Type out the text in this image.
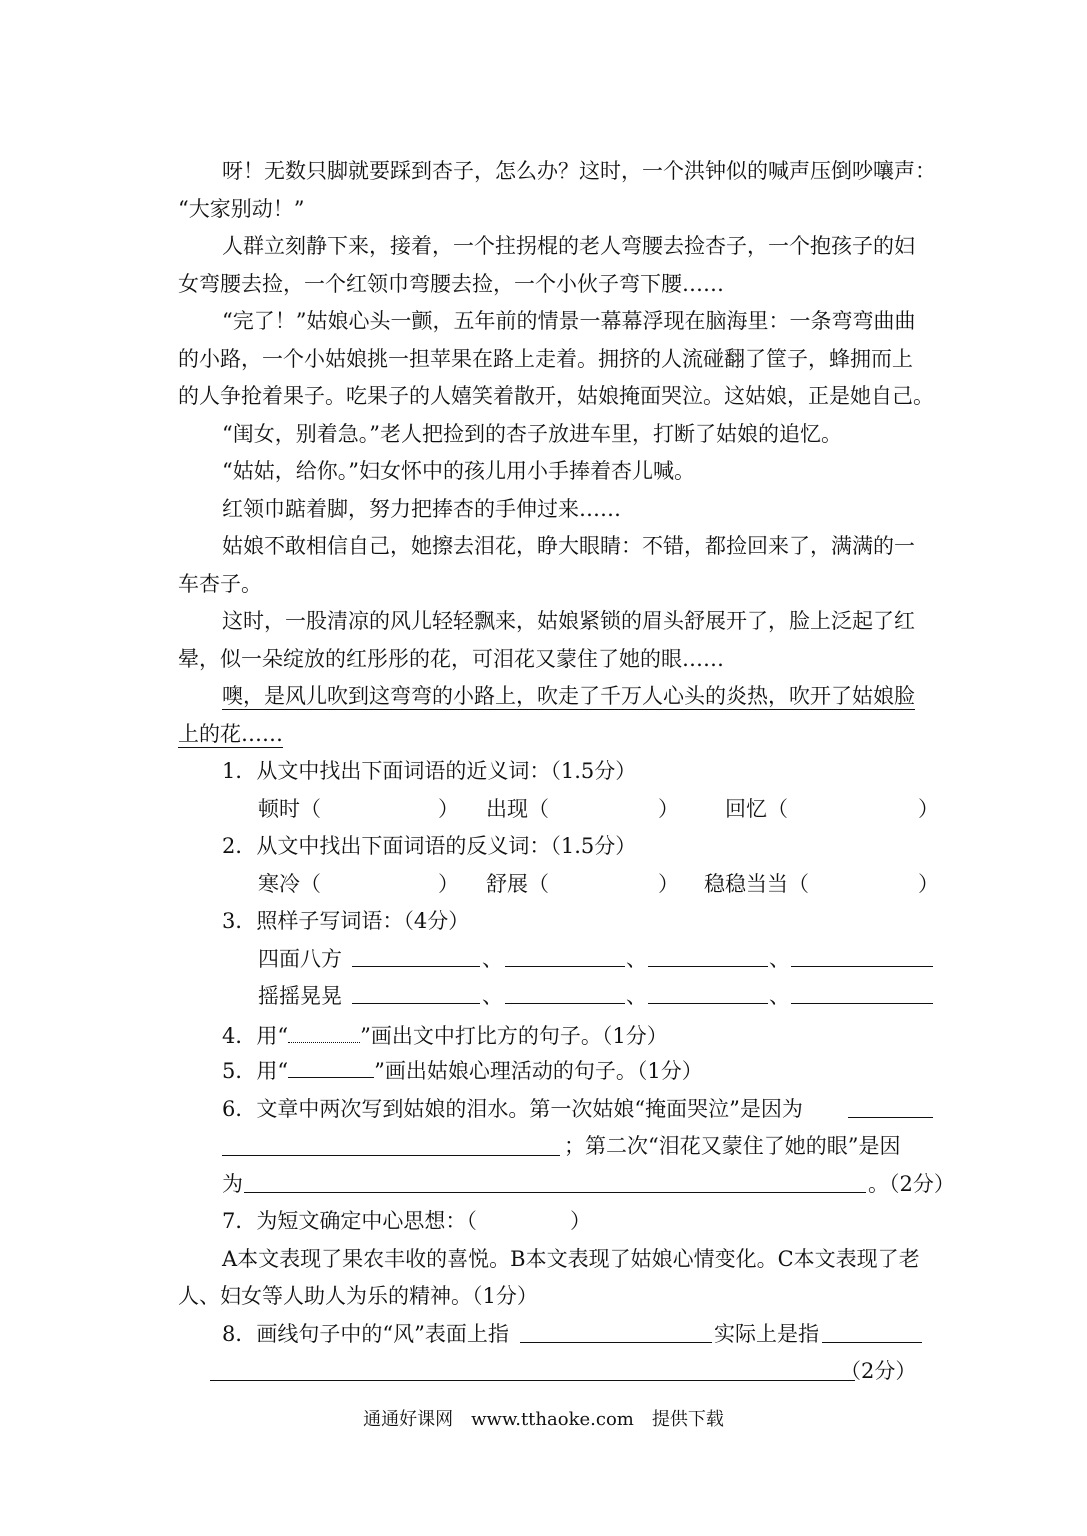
呀！无数只脚就要踩到杏子，怎么办？这时，一个洪钟似的喊声压倒吵嚷声：
“大家别动！”
人群立刻静下来，接着，一个拄拐棍的老人弯腰去捡杏子，一个抱孩子的妇
女弯腰去捡，一个红领巾弯腰去捡，一个小伙子弯下腰……
“完了！”姑娘心头一颤，五年前的情景一幕幕浮现在脑海里：一条弯弯曲曲
的小路，一个小姑娘挑一担苹果在路上走着。拥挤的人流碰翻了筐子，蜂拥而上
的人争抢着果子。吃果子的人嬉笑着散开，姑娘掩面哭泣。这姑娘，正是她自己。
“闺女，别着急。”老人把捡到的杏子放进车里，打断了姑娘的追忆。
“姑姑，给你。”妇女怀中的孩儿用小手捧着杏儿喊。
红领巾踮着脚，努力把捧杏的手伸过来……
姑娘不敢相信自己，她擦去泪花，睁大眼睛：不错，都捡回来了，满满的一
车杏子。
这时，一股清凉的风儿轻轻飘来，姑娘紧锁的眉头舒展开了，脸上泛起了红
晕，似一朵绽放的红彤彤的花，可泪花又蒙住了她的眼……
噢，是风儿吹到这弯弯的小路上，吹走了千万人心头的炎热，吹开了姑娘脸
上的花……
1．从文中找出下面词语的近义词：（1.5分）
顿时（	） 出现（	） 回忆（	）
2．从文中找出下面词语的反义词：（1.5分）
寒冷（	） 舒展（	） 稳稳当当（	）
3．照样子写词语：（4分）
四面八方	、	、	、
摇摇晃晃	、	、	、
4．用“	”画出文中打比方的句子。（1分）
5．用“	”画出姑娘心理活动的句子。（1分）
6．文章中两次写到姑娘的泪水。第一次姑娘“掩面哭泣”是因为
；第二次“泪花又蒙住了她的眼”是因
为	。（2分）
7．为短文确定中心思想：（	）
A本文表现了果农丰收的喜悦。B本文表现了姑娘心情变化。C本文表现了老
人、妇女等人助人为乐的精神。（1分）
8．画线句子中的“风”表面上指	实际上是指
（2分）
通通好课网　www.tthaoke.com　提供下载
